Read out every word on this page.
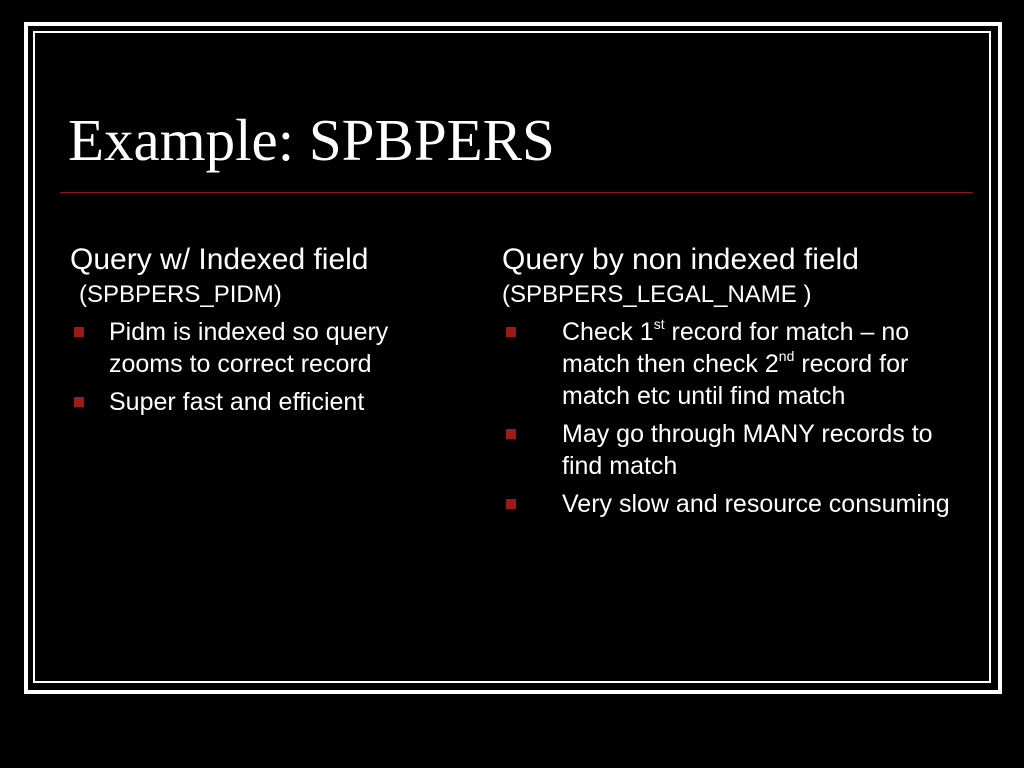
Example: SPBPERS

Query w/ Indexed field

(SPBPERS_PIDM)

Pidm is indexed so query zooms to correct record
Super fast and efficient

Query by non indexed field

(SPBPERS_LEGAL_NAME )

Check 1st record for match – no match then check 2nd record for match etc until find match
May go through MANY records to find match
Very slow and resource consuming
